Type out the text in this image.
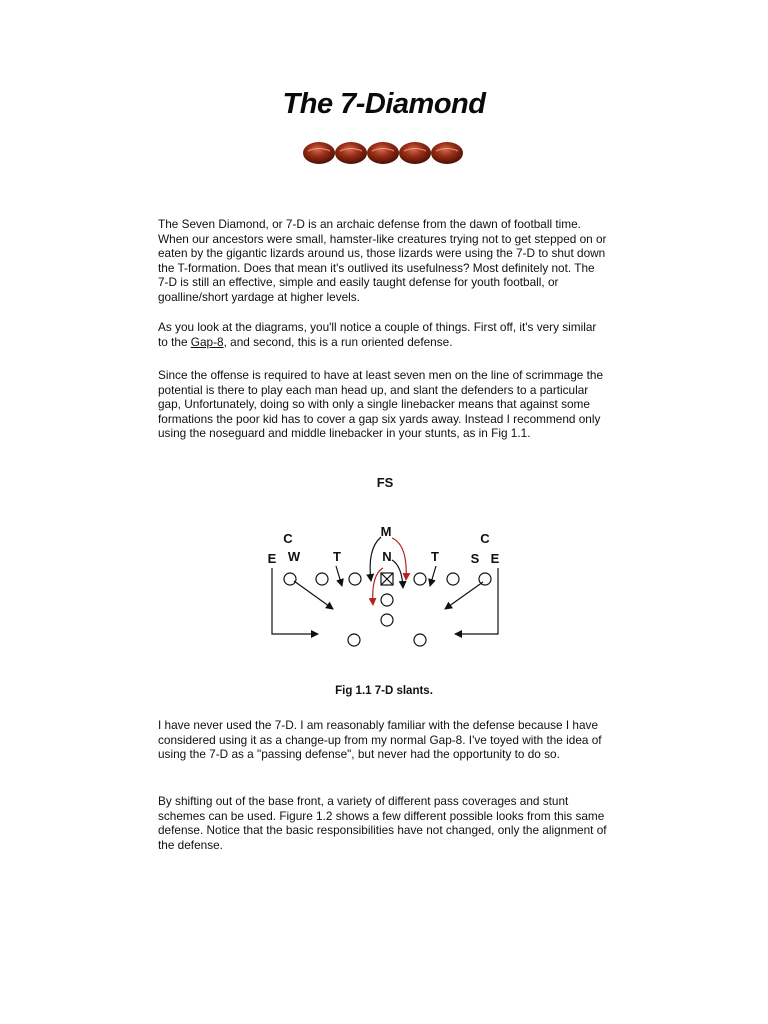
The 7-Diamond

The Seven Diamond, or 7-D is an archaic defense from the dawn of football time. When our ancestors were small, hamster-like creatures trying not to get stepped on or eaten by the gigantic lizards around us, those lizards were using the 7-D to shut down the T-formation. Does that mean it's outlived its usefulness? Most definitely not. The 7-D is still an effective, simple and easily taught defense for youth football, or goalline/short yardage at higher levels.

As you look at the diagrams, you'll notice a couple of things. First off, it's very similar to the Gap-8, and second, this is a run oriented defense.

Since the offense is required to have at least seven men on the line of scrimmage the potential is there to play each man head up, and slant the defenders to a particular gap, Unfortunately, doing so with only a single linebacker means that against some formations the poor kid has to cover a gap six yards away. Instead I recommend only using the noseguard and middle linebacker in your stunts, as in Fig 1.1.

FS
M
C	C
E W	T	N	T S E

Fig 1.1 7-D slants.

I have never used the 7-D. I am reasonably familiar with the defense because I have considered using it as a change-up from my normal Gap-8. I've toyed with the idea of using the 7-D as a "passing defense", but never had the opportunity to do so.

By shifting out of the base front, a variety of different pass coverages and stunt schemes can be used. Figure 1.2 shows a few different possible looks from this same defense. Notice that the basic responsibilities have not changed, only the alignment of the defense.
